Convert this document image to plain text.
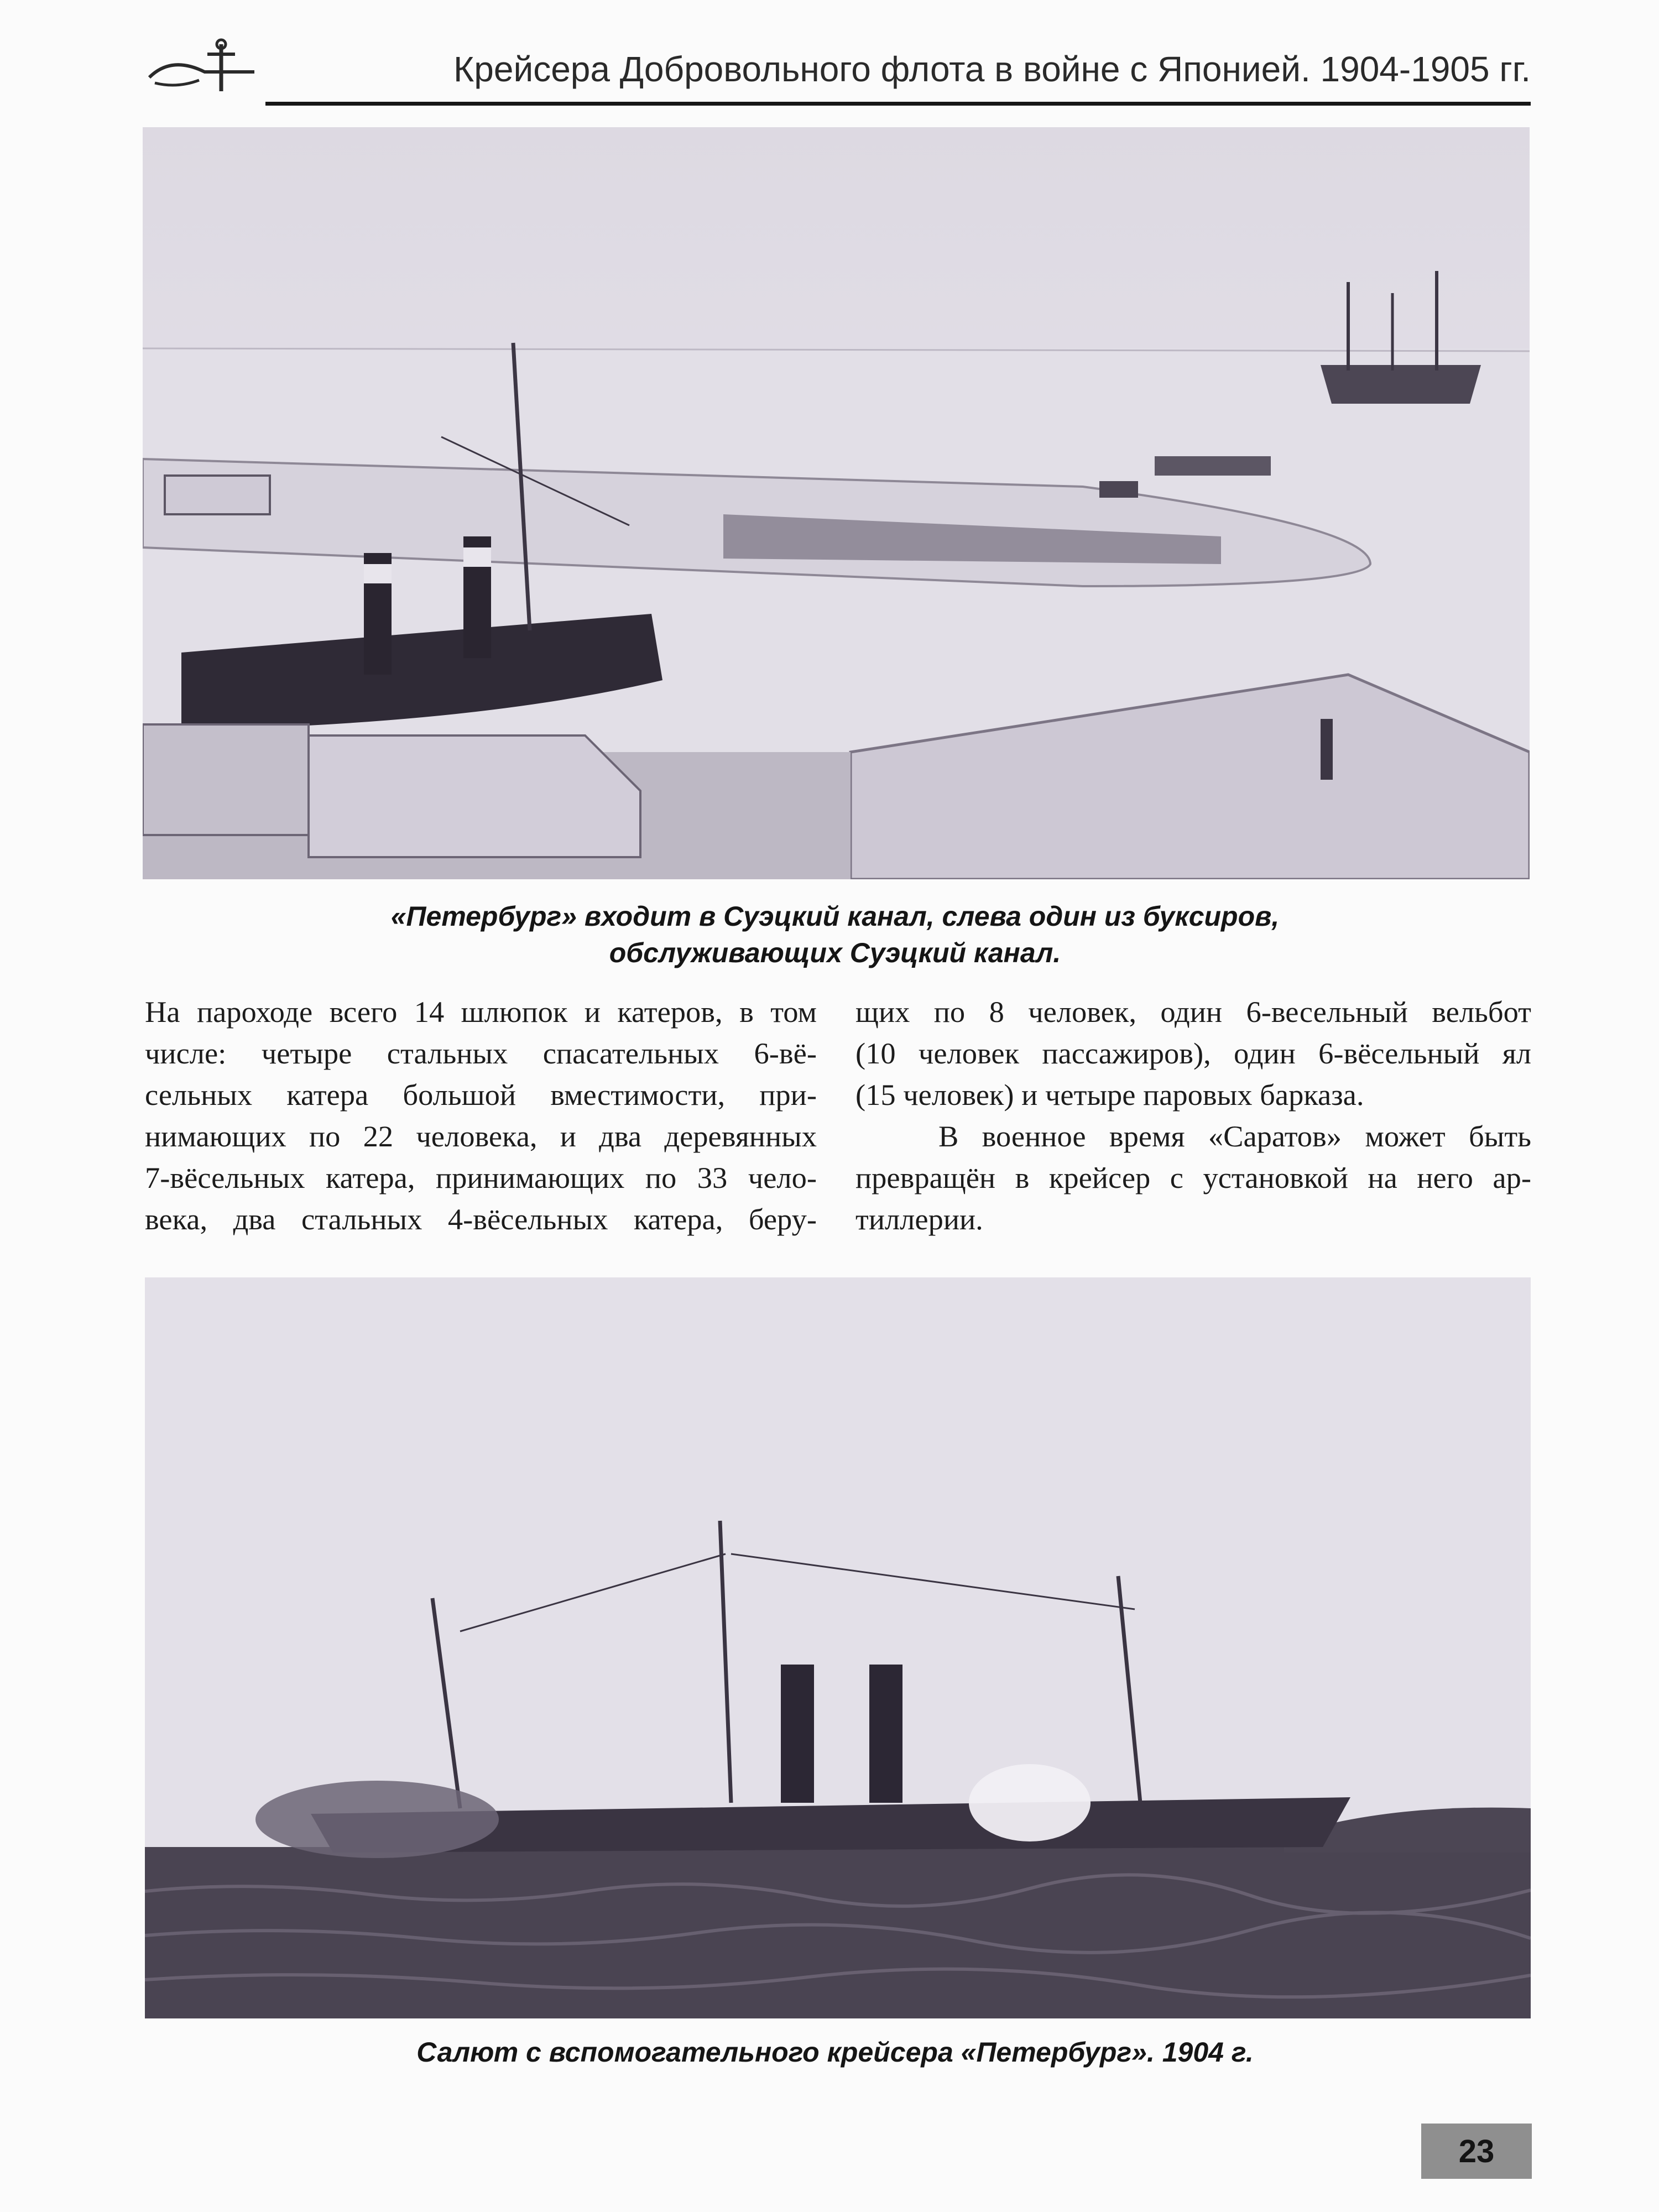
Крейсера Добровольного флота в войне с Японией. 1904-1905 гг.
«Петербург» входит в Суэцкий канал, слева один из буксиров,
обслуживающих Суэцкий канал.
На пароходе всего 14 шлюпок и катеров, в том
числе: четыре стальных спасательных 6-вё-
сельных катера большой вместимости, при-
нимающих по 22 человека, и два деревянных
7-вёсельных катера, принимающих по 33 чело-
века, два стальных 4-вёсельных катера, беру-
щих по 8 человек, один 6-весельный вельбот
(10 человек пассажиров), один 6-вёсельный ял
(15 человек) и четыре паровых барказа.
В военное время «Саратов» может быть
превращён в крейсер с установкой на него ар-
тиллерии.
Салют с вспомогательного крейсера «Петербург». 1904 г.
23
